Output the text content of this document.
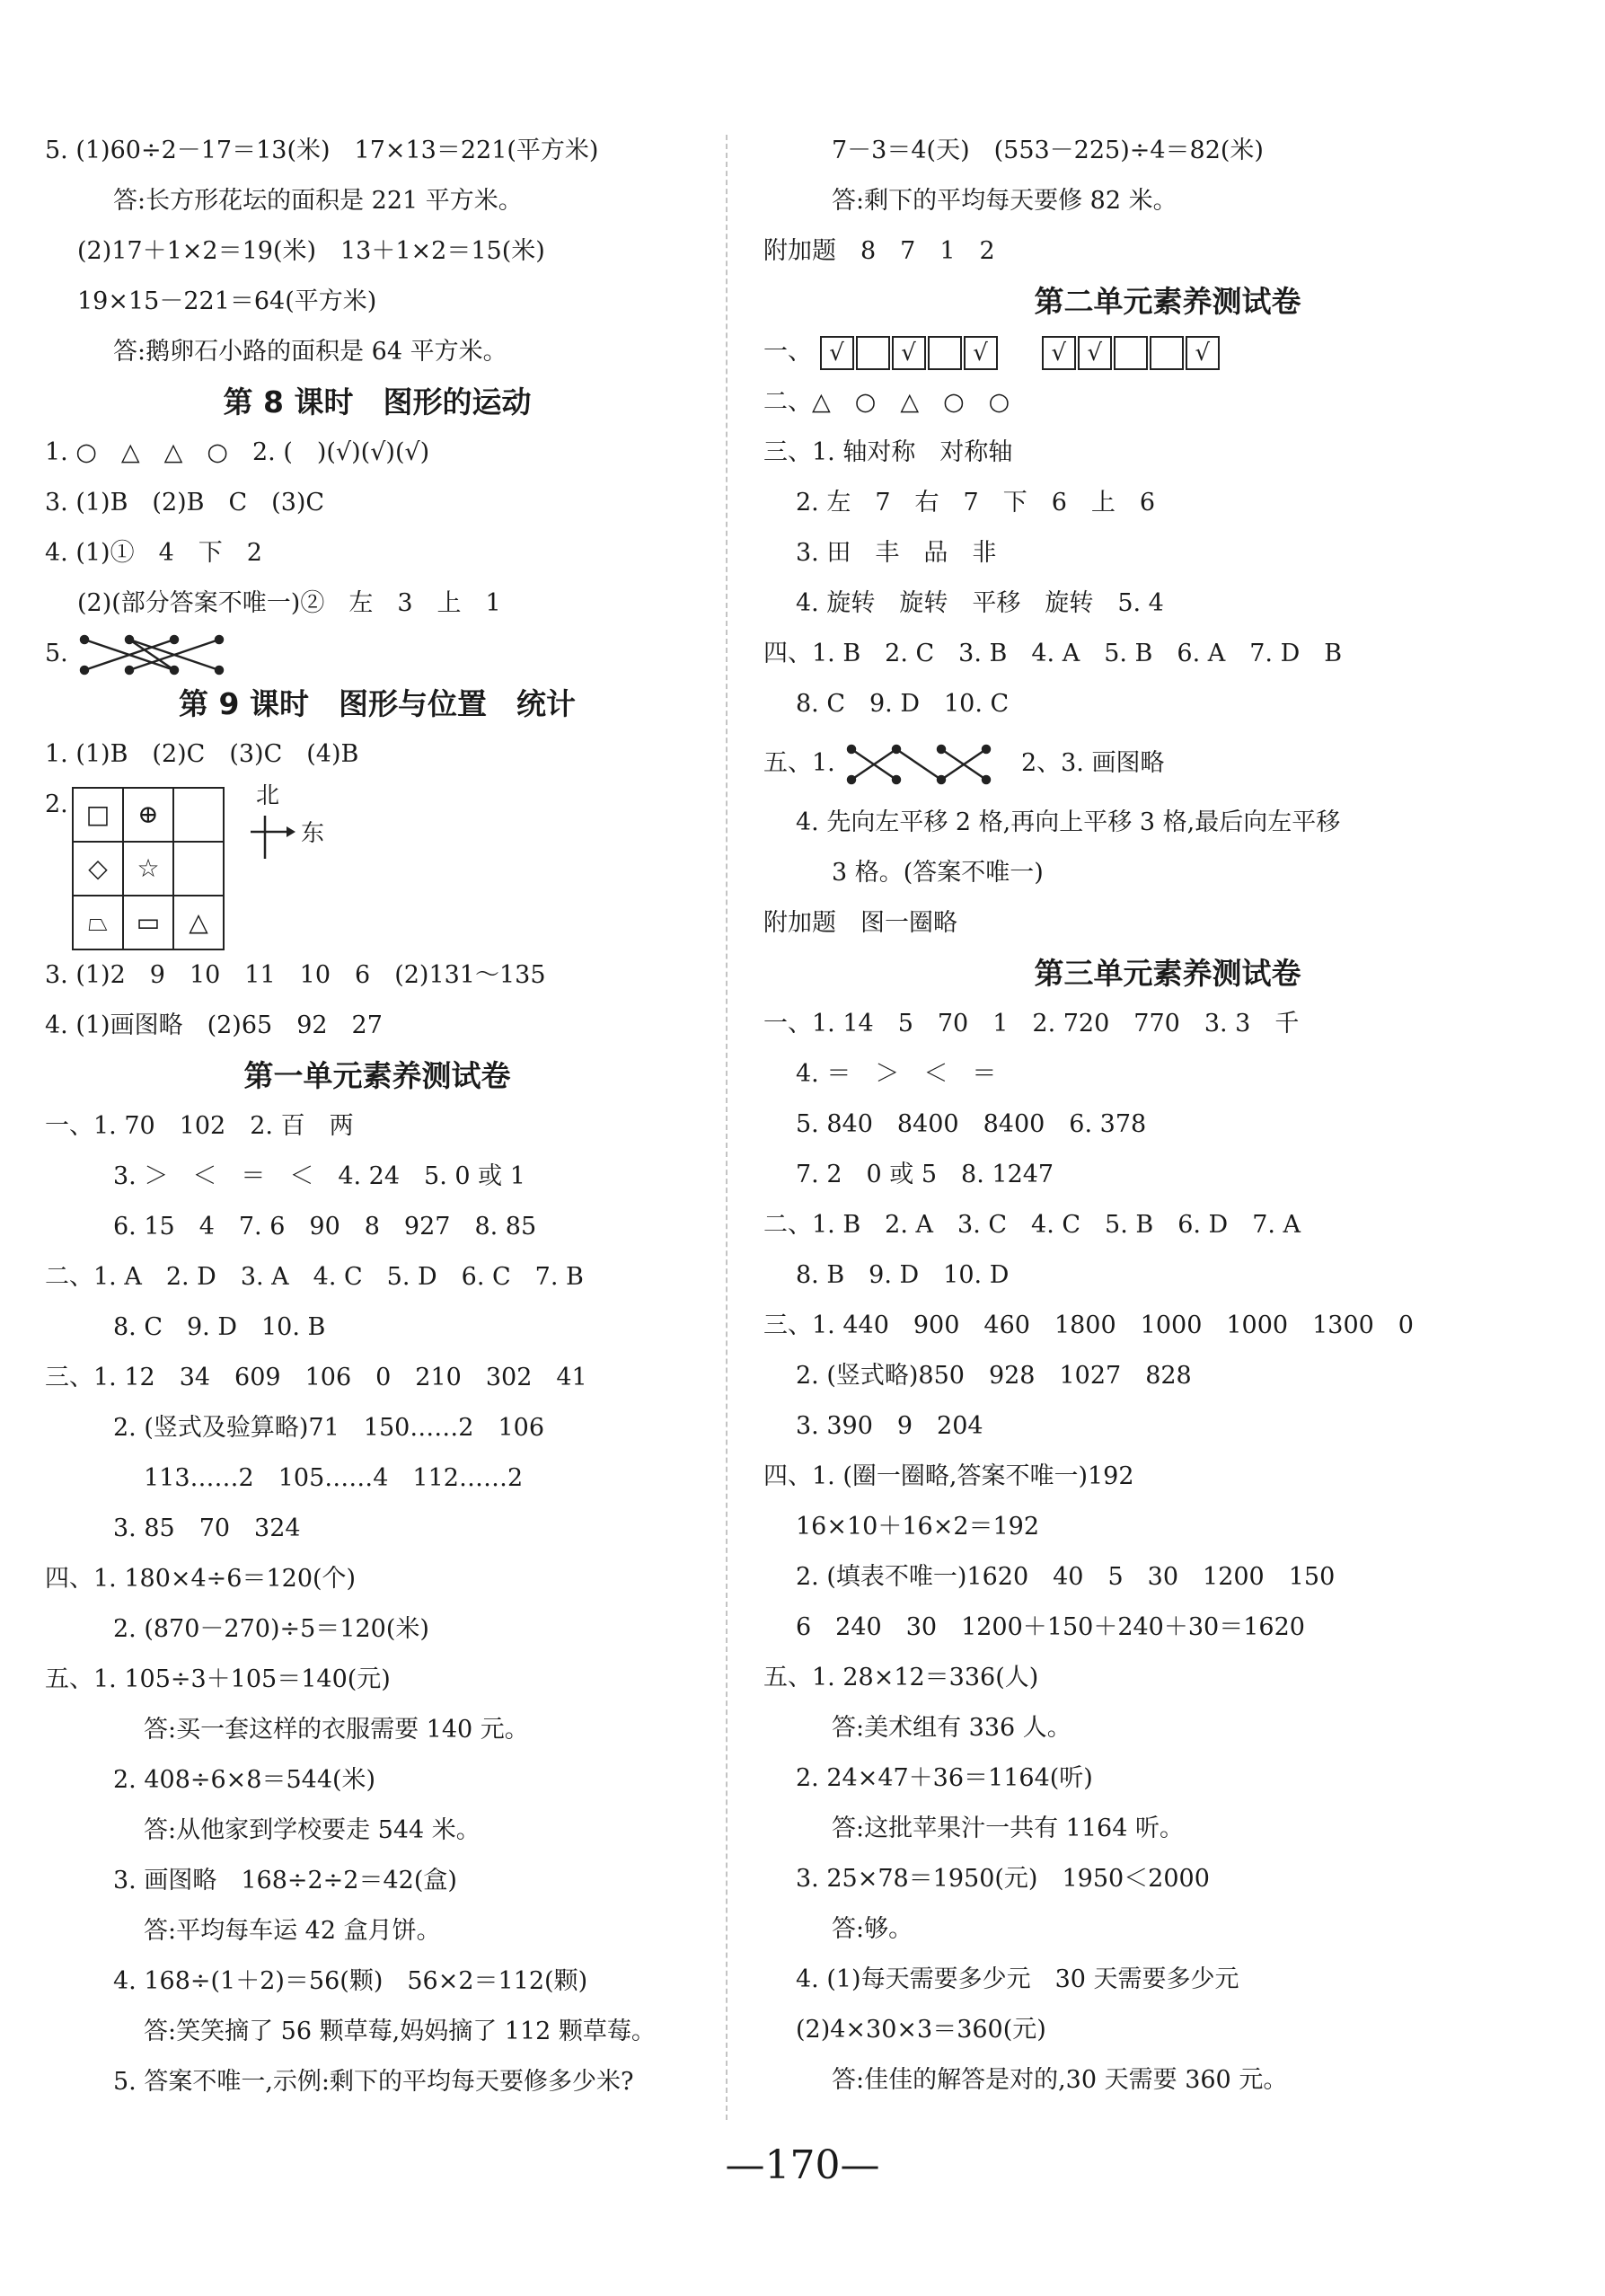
5. (1)60÷2－17＝13(米)　17×13＝221(平方米)
答:长方形花坛的面积是 221 平方米。
(2)17＋1×2＝19(米)　13＋1×2＝15(米)
19×15－221＝64(平方米)
答:鹅卵石小路的面积是 64 平方米。
第 8 课时　图形的运动
1. ○　△　△　○　2. (　)(√)(√)(√)
3. (1)B　(2)B　C　(3)C
4. (1)①　4　下　2
(2)(部分答案不唯一)②　左　3　上　1
5.
第 9 课时　图形与位置　统计
1. (1)B　(2)C　(3)C　(4)B
2. □	⊕	
◇	☆	
⏢	▭	△
北
东
3. (1)2　9　10　11　10　6　(2)131～135
4. (1)画图略　(2)65　92　27
第一单元素养测试卷
一、1. 70　102　2. 百　两
3. ＞　＜　＝　＜　4. 24　5. 0 或 1
6. 15　4　7. 6　90　8　927　8. 85
二、1. A　2. D　3. A　4. C　5. D　6. C　7. B
8. C　9. D　10. B
三、1. 12　34　609　106　0　210　302　41
2. (竖式及验算略)71　150……2　106
113……2　105……4　112……2
3. 85　70　324
四、1. 180×4÷6＝120(个)
2. (870－270)÷5＝120(米)
五、1. 105÷3＋105＝140(元)
答:买一套这样的衣服需要 140 元。
2. 408÷6×8＝544(米)
答:从他家到学校要走 544 米。
3. 画图略　168÷2÷2＝42(盒)
答:平均每车运 42 盒月饼。
4. 168÷(1＋2)＝56(颗)　56×2＝112(颗)
答:笑笑摘了 56 颗草莓,妈妈摘了 112 颗草莓。
5. 答案不唯一,示例:剩下的平均每天要修多少米?
7－3＝4(天)　(553－225)÷4＝82(米)
答:剩下的平均每天要修 82 米。
附加题　8　7　1　2
第二单元素养测试卷
一、 √ √ √	√ √	√
二、△　○　△　○　○
三、1. 轴对称　对称轴
2. 左　7　右　7　下　6　上　6
3. 田　丰　品　非
4. 旋转　旋转　平移　旋转　5. 4
四、1. B　2. C　3. B　4. A　5. B　6. A　7. D　B
8. C　9. D　10. C
五、1.	2、3. 画图略
4. 先向左平移 2 格,再向上平移 3 格,最后向左平移
3 格。(答案不唯一)
附加题　图一圈略
第三单元素养测试卷
一、1. 14　5　70　1　2. 720　770　3. 3　千
4. ＝　＞　＜　＝
5. 840　8400　8400　6. 378
7. 2　0 或 5　8. 1247
二、1. B　2. A　3. C　4. C　5. B　6. D　7. A
8. B　9. D　10. D
三、1. 440　900　460　1800　1000　1000　1300　0
2. (竖式略)850　928　1027　828
3. 390　9　204
四、1. (圈一圈略,答案不唯一)192
16×10＋16×2＝192
2. (填表不唯一)1620　40　5　30　1200　150
6　240　30　1200＋150＋240＋30＝1620
五、1. 28×12＝336(人)
答:美术组有 336 人。
2. 24×47＋36＝1164(听)
答:这批苹果汁一共有 1164 听。
3. 25×78＝1950(元)　1950＜2000
答:够。
4. (1)每天需要多少元　30 天需要多少元
(2)4×30×3＝360(元)
答:佳佳的解答是对的,30 天需要 360 元。
—170—
